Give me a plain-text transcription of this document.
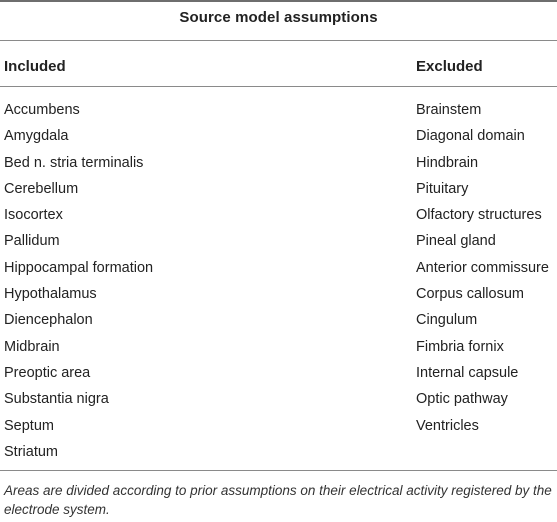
Source model assumptions
Included	Excluded
Accumbens
Amygdala
Bed n. stria terminalis
Cerebellum
Isocortex
Pallidum
Hippocampal formation
Hypothalamus
Diencephalon
Midbrain
Preoptic area
Substantia nigra
Septum
Striatum
Brainstem
Diagonal domain
Hindbrain
Pituitary
Olfactory structures
Pineal gland
Anterior commissure
Corpus callosum
Cingulum
Fimbria fornix
Internal capsule
Optic pathway
Ventricles
Areas are divided according to prior assumptions on their electrical activity registered by the electrode system.
